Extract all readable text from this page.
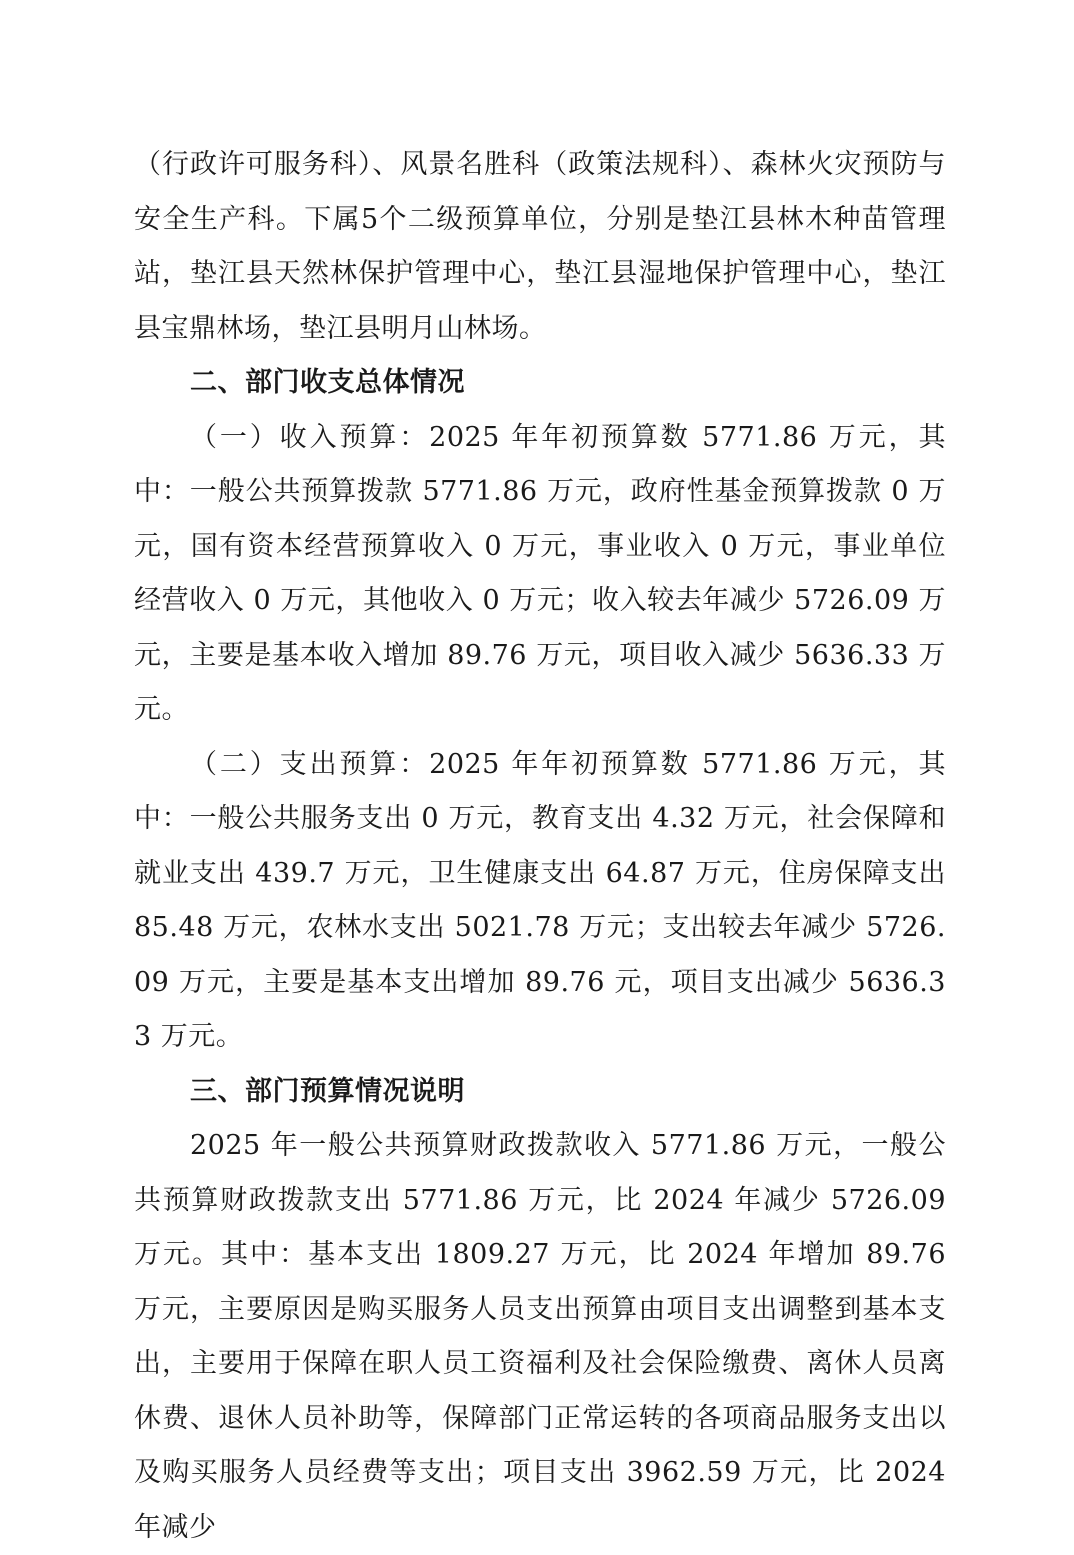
（行政许可服务科）、风景名胜科（政策法规科）、森林火灾预防与安全生产科。下属5个二级预算单位，分别是垫江县林木种苗管理站，垫江县天然林保护管理中心，垫江县湿地保护管理中心，垫江县宝鼎林场，垫江县明月山林场。

二、部门收支总体情况

（一）收入预算：2025 年年初预算数 5771.86 万元，其中：一般公共预算拨款 5771.86 万元，政府性基金预算拨款 0 万元，国有资本经营预算收入 0 万元，事业收入 0 万元，事业单位经营收入 0 万元，其他收入 0 万元；收入较去年减少 5726.09 万元，主要是基本收入增加 89.76 万元，项目收入减少 5636.33 万元。

（二）支出预算：2025 年年初预算数 5771.86 万元，其中：一般公共服务支出 0 万元，教育支出 4.32 万元，社会保障和就业支出 439.7 万元，卫生健康支出 64.87 万元，住房保障支出 85.48 万元，农林水支出 5021.78 万元；支出较去年减少 5726.09 万元，主要是基本支出增加 89.76 元，项目支出减少 5636.33 万元。

三、部门预算情况说明

2025 年一般公共预算财政拨款收入 5771.86 万元，一般公共预算财政拨款支出 5771.86 万元，比 2024 年减少 5726.09 万元。其中：基本支出 1809.27 万元，比 2024 年增加 89.76 万元，主要原因是购买服务人员支出预算由项目支出调整到基本支出，主要用于保障在职人员工资福利及社会保险缴费、离休人员离休费、退休人员补助等，保障部门正常运转的各项商品服务支出以及购买服务人员经费等支出；项目支出 3962.59 万元，比 2024 年减少
